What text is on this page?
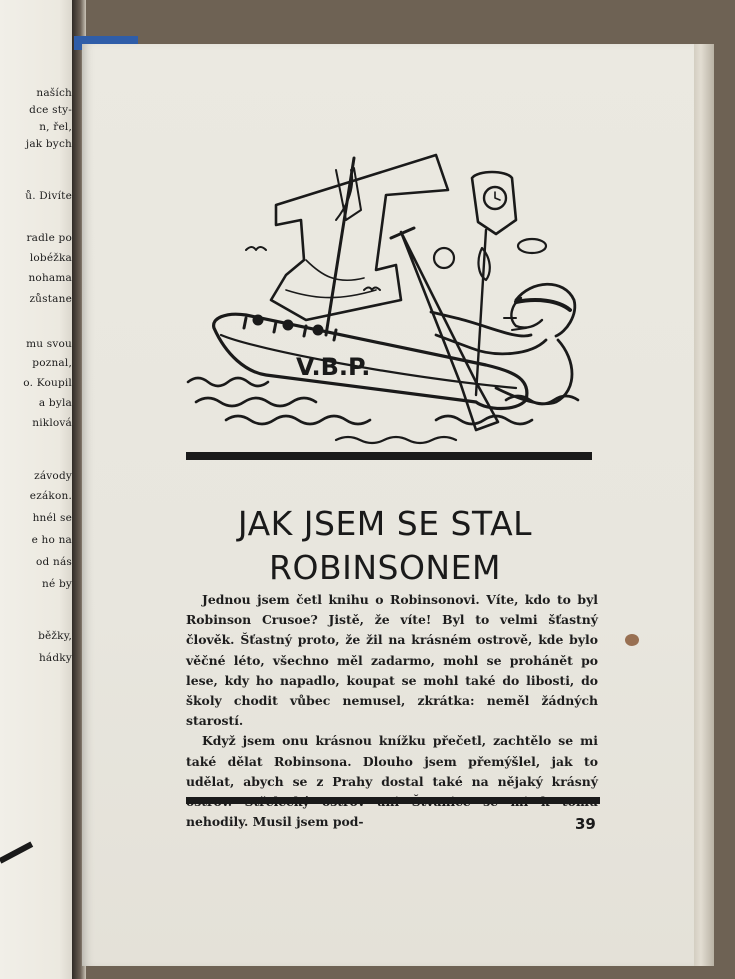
naších
dce sty-
n, řel,
jak bych
ů. Divíte
radle po
lobéžka
nohama
zůstane
mu svou
poznal,
o. Koupil
a byla
niklová
závody
ezákon.
hnél se
e ho na
od nás
né by
běžky,
hádky
V.B.P.
JAK JSEM SE STAL
ROBINSONEM

Jednou jsem četl knihu o Robinsonovi. Víte, kdo to byl Robinson Crusoe? Jistě, že víte! Byl to velmi šťastný člověk. Šťastný proto, že žil na krásném ostrově, kde bylo věčné léto, všechno měl zadarmo, mohl se prohánět po lese, kdy ho napadlo, koupat se mohl také do libosti, do školy chodit vůbec nemusel, zkrátka: neměl žádných starostí.

Když jsem onu krásnou knížku přečetl, zachtělo se mi také dělat Robinsona. Dlouho jsem přemýšlel, jak to udělat, abych se z Prahy dostal také na nějaký krásný nehodily. Musil jsem pod-	39
